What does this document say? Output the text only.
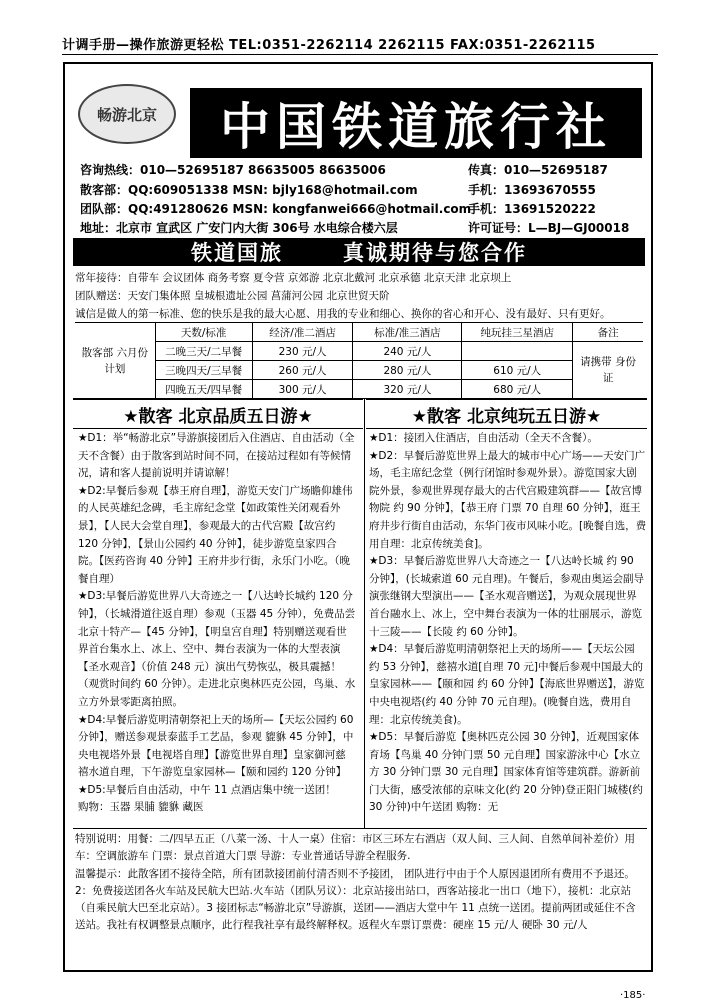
计调手册—操作旅游更轻松 TEL:0351-2262114 2262115 FAX:0351-2262115
畅游北京	中国铁道旅行社
咨询热线：010—52695187 86635005 86635006	传真：010—52695187
散客部：QQ:609051338 MSN: bjly168@hotmail.com	手机：13693670555
团队部：QQ:491280626 MSN: kongfanwei666@hotmail.com
手机：13691520222
地址：北京市 宣武区 广安门内大街 306号 水电综合楼六层	许可证号：L—BJ—GJ00018
铁道国旅	真诚期待与您合作
常年接待：自带车 会议团体 商务考察 夏令营 京郊游 北京北戴河 北京承德 北京天津 北京坝上
团队赠送：天安门集体照 皇城根遗址公园 菖蒲河公园 北京世贸天阶
诚信是做人的第一标准、您的快乐是我的最大心愿、用我的专业和细心、换你的省心和开心、没有最好、只有更好。
散客部 六月份计划	天数/标准	经济/准二酒店	标准/准三酒店	纯玩挂三星酒店	备注
	二晚三天/二早餐	230 元/人	240 元/人		请携带 身份证
	三晚四天/三早餐	260 元/人	280 元/人	610 元/人	
	四晚五天/四早餐	300 元/人	320 元/人	680 元/人	
★散客 北京品质五日游★	★散客 北京纯玩五日游★
★D1：举“畅游北京”导游旗接团后入住酒店、自由活动（全天不含餐）由于散客到站时间不同，在接站过程如有等候情况，请和客人提前说明并请谅解！
★D2:早餐后参观【恭王府自理】，游览天安门广场瞻仰雄伟的人民英雄纪念碑，毛主席纪念堂【如政策性关闭观看外景】，【人民大会堂自理】，参观最大的古代宫殿【故宫约 120 分钟】，【景山公园约 40 分钟】，徒步游览皇家四合院。【医药咨询 40 分钟】王府井步行街，永乐门小吃。（晚餐自理）
★D3:早餐后游览世界八大奇迹之一【八达岭长城约 120 分钟】，（长城滑道往返自理）参观（玉器 45 分钟），免费品尝北京十特产—【45 分钟】，【明皇宫自理】特别赠送观看世界首台集水上、冰上、空中、舞台表演为一体的大型表演【圣水观音】（价值 248 元）演出气势恢弘，极具震撼！（观赏时间约 60 分钟）。走进北京奥林匹克公园，鸟巢、水立方外景零距离拍照。
★D4:早餐后游览明清朝祭祀上天的场所—【天坛公园约 60 分钟】，赠送参观景泰蓝手工艺品，参观 貔貅 45 分钟】，中央电视塔外景【电视塔自理】【游览世界自理】皇家御河慈禧水道自理，下午游览皇家园林—【颐和园约 120 分钟】
★D5:早餐后自由活动，中午 11 点酒店集中统一送团！
购物：玉器 果脯 貔貅 藏医
★D1：接团入住酒店，自由活动（全天不含餐）。
★D2：早餐后游览世界上最大的城市中心广场——天安门广场，毛主席纪念堂（例行闭馆时参观外景）。游览国家大剧院外景，参观世界现存最大的古代宫殿建筑群——【故宫博物院 约 90 分钟】，【恭王府 门票 70 自理 60 分钟】，逛王府井步行街自由活动，东华门夜市风味小吃。[晚餐自选，费用自理：北京传统美食]。
★D3：早餐后游览世界八大奇迹之一【八达岭长城 约 90 分钟】，(长城索道 60 元自理)。午餐后，参观由奥运会副导演张继钢大型演出——【圣水观音赠送】，为观众展现世界首台融水上、冰上，空中舞台表演为一体的壮丽展示，游览十三陵——【长陵 约 60 分钟】。
★D4：早餐后游览明清朝祭祀上天的场所——【天坛公园 约 53 分钟】，慈禧水道[自理 70 元]中餐后参观中国最大的皇家园林——【颐和园 约 60 分钟】【海底世界赠送】，游览中央电视塔(约 40 分钟 70 元自理)。(晚餐自选，费用自理：北京传统美食)。
★D5：早餐后游览【奥林匹克公园 30 分钟】，近观国家体育场【鸟巢 40 分钟门票 50 元自理】国家游泳中心【水立方 30 分钟门票 30 元自理】国家体育馆等建筑群。游新前门大街，感受浓郁的京味文化(约 20 分钟)登正阳门城楼(约 30 分钟)中午送团 购物：无
特别说明：用餐：二/四早五正（八菜一汤、十人一桌）住宿：市区三环左右酒店（双人间、三人间、自然单间补差价）用车：空调旅游车 门票：景点首道大门票 导游：专业普通话导游全程服务.
温馨提示：此散客团不接待全陪，所有团款接团前付清否则不予接团， 团队进行中由于个人原因退团所有费用不予退还。2：免费接送团各火车站及民航大巴站.火车站（团队另议）：北京站接出站口，西客站接北一出口（地下），接机：北京站（自乘民航大巴至北京站）。3 接团标志“畅游北京”导游旗，送团——酒店大堂中午 11 点统一送团。提前两团或延住不含送站。我社有权调整景点顺序，此行程我社享有最终解释权。返程火车票订票费：硬座 15 元/人 硬卧 30 元/人
·185·
